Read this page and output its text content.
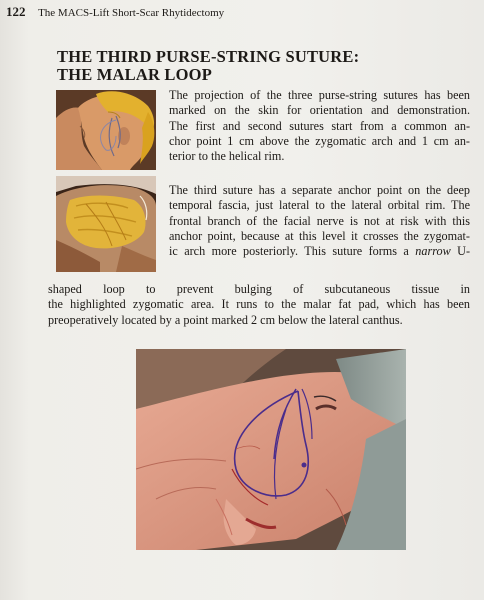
122 The MACS-Lift Short-Scar Rhytidectomy
THE THIRD PURSE-STRING SUTURE:
THE MALAR LOOP
The projection of the three purse-string sutures has been
marked on the skin for orientation and demonstration.
The first and second sutures start from a common an-
chor point 1 cm above the zygomatic arch and 1 cm an-
terior to the helical rim.
The third suture has a separate anchor point on the deep
temporal fascia, just lateral to the lateral orbital rim. The
frontal branch of the facial nerve is not at risk with this
anchor point, because at this level it crosses the zygomat-
ic arch more posteriorly. This suture forms a narrow U-
shaped loop to prevent bulging of subcutaneous tissue in
the highlighted zygomatic area. It runs to the malar fat pad, which has been
preoperatively located by a point marked 2 cm below the lateral canthus.
